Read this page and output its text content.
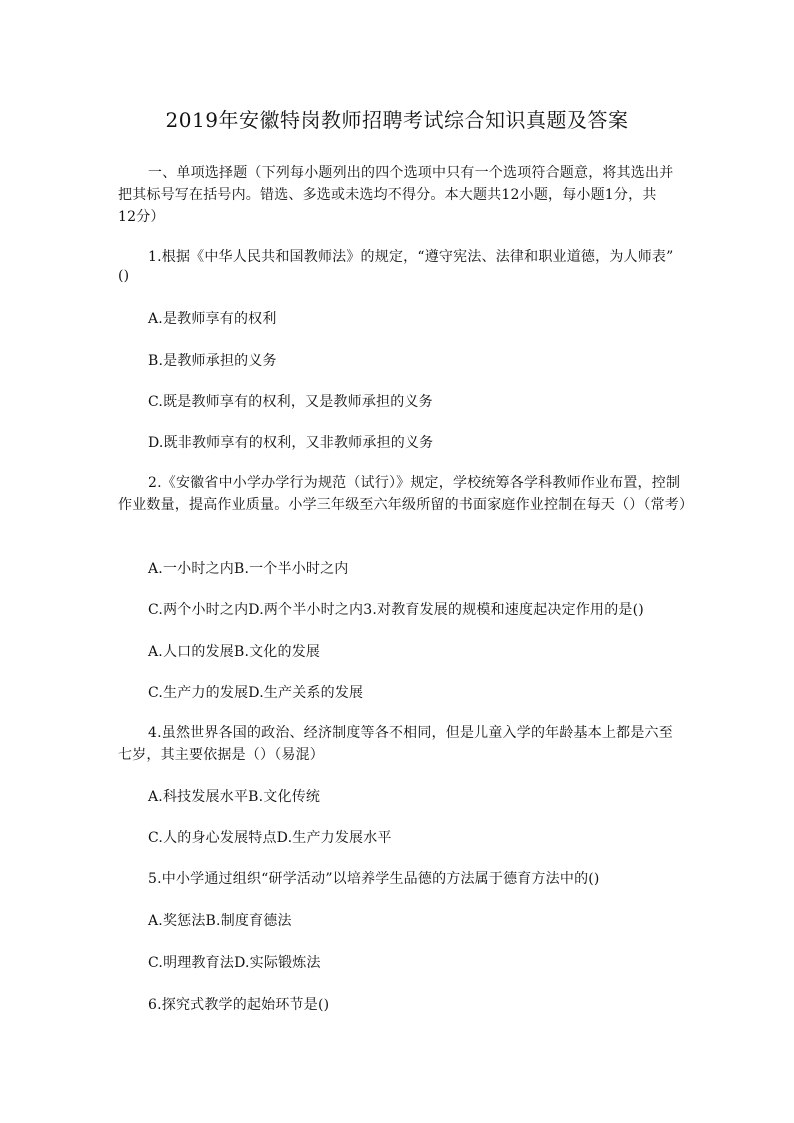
2019年安徽特岗教师招聘考试综合知识真题及答案
一、单项选择题（下列每小题列出的四个选项中只有一个选项符合题意，将其选出并
把其标号写在括号内。错选、多选或未选均不得分。本大题共12小题，每小题1分，共
12分）
1.根据《中华人民共和国教师法》的规定，“遵守宪法、法律和职业道德，为人师表”
()
A.是教师享有的权利
B.是教师承担的义务
C.既是教师享有的权利，又是教师承担的义务
D.既非教师享有的权利，又非教师承担的义务
2.《安徽省中小学办学行为规范（试行）》规定，学校统筹各学科教师作业布置，控制
作业数量，提高作业质量。小学三年级至六年级所留的书面家庭作业控制在每天（）（常考）
A.一小时之内B.一个半小时之内
C.两个小时之内D.两个半小时之内3.对教育发展的规模和速度起决定作用的是()
A.人口的发展B.文化的发展
C.生产力的发展D.生产关系的发展
4.虽然世界各国的政治、经济制度等各不相同，但是儿童入学的年龄基本上都是六至
七岁，其主要依据是（）（易混）
A.科技发展水平B.文化传统
C.人的身心发展特点D.生产力发展水平
5.中小学通过组织“研学活动”以培养学生品德的方法属于德育方法中的()
A.奖惩法B.制度育德法
C.明理教育法D.实际锻炼法
6.探究式教学的起始环节是()
